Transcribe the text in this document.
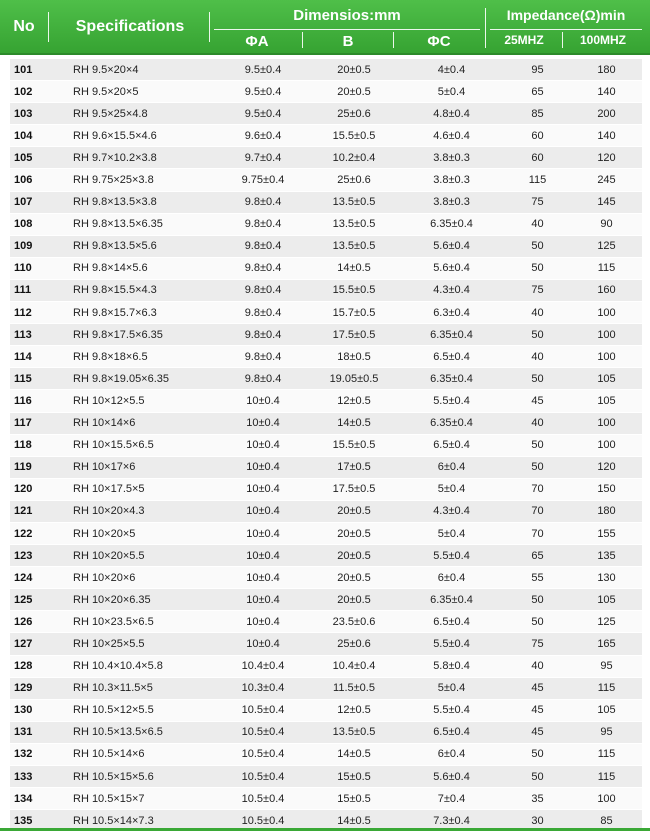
No	Specifications
Dimensios:mm
ΦA	B	ΦC
Impedance(Ω)min
25MHZ	100MHZ
101	RH 9.5×20×4	9.5±0.4	20±0.5	4±0.4	95	180
102	RH 9.5×20×5	9.5±0.4	20±0.5	5±0.4	65	140
103	RH 9.5×25×4.8	9.5±0.4	25±0.6	4.8±0.4	85	200
104	RH 9.6×15.5×4.6	9.6±0.4	15.5±0.5	4.6±0.4	60	140
105	RH 9.7×10.2×3.8	9.7±0.4	10.2±0.4	3.8±0.3	60	120
106	RH 9.75×25×3.8	9.75±0.4	25±0.6	3.8±0.3	115	245
107	RH 9.8×13.5×3.8	9.8±0.4	13.5±0.5	3.8±0.3	75	145
108	RH 9.8×13.5×6.35	9.8±0.4	13.5±0.5	6.35±0.4	40	90
109	RH 9.8×13.5×5.6	9.8±0.4	13.5±0.5	5.6±0.4	50	125
110	RH 9.8×14×5.6	9.8±0.4	14±0.5	5.6±0.4	50	115
111	RH 9.8×15.5×4.3	9.8±0.4	15.5±0.5	4.3±0.4	75	160
112	RH 9.8×15.7×6.3	9.8±0.4	15.7±0.5	6.3±0.4	40	100
113	RH 9.8×17.5×6.35	9.8±0.4	17.5±0.5	6.35±0.4	50	100
114	RH 9.8×18×6.5	9.8±0.4	18±0.5	6.5±0.4	40	100
115	RH 9.8×19.05×6.35	9.8±0.4	19.05±0.5	6.35±0.4	50	105
116	RH 10×12×5.5	10±0.4	12±0.5	5.5±0.4	45	105
117	RH 10×14×6	10±0.4	14±0.5	6.35±0.4	40	100
118	RH 10×15.5×6.5	10±0.4	15.5±0.5	6.5±0.4	50	100
119	RH 10×17×6	10±0.4	17±0.5	6±0.4	50	120
120	RH 10×17.5×5	10±0.4	17.5±0.5	5±0.4	70	150
121	RH 10×20×4.3	10±0.4	20±0.5	4.3±0.4	70	180
122	RH 10×20×5	10±0.4	20±0.5	5±0.4	70	155
123	RH 10×20×5.5	10±0.4	20±0.5	5.5±0.4	65	135
124	RH 10×20×6	10±0.4	20±0.5	6±0.4	55	130
125	RH 10×20×6.35	10±0.4	20±0.5	6.35±0.4	50	105
126	RH 10×23.5×6.5	10±0.4	23.5±0.6	6.5±0.4	50	125
127	RH 10×25×5.5	10±0.4	25±0.6	5.5±0.4	75	165
128	RH 10.4×10.4×5.8	10.4±0.4	10.4±0.4	5.8±0.4	40	95
129	RH 10.3×11.5×5	10.3±0.4	11.5±0.5	5±0.4	45	115
130	RH 10.5×12×5.5	10.5±0.4	12±0.5	5.5±0.4	45	105
131	RH 10.5×13.5×6.5	10.5±0.4	13.5±0.5	6.5±0.4	45	95
132	RH 10.5×14×6	10.5±0.4	14±0.5	6±0.4	50	115
133	RH 10.5×15×5.6	10.5±0.4	15±0.5	5.6±0.4	50	115
134	RH 10.5×15×7	10.5±0.4	15±0.5	7±0.4	35	100
135	RH 10.5×14×7.3	10.5±0.4	14±0.5	7.3±0.4	30	85
